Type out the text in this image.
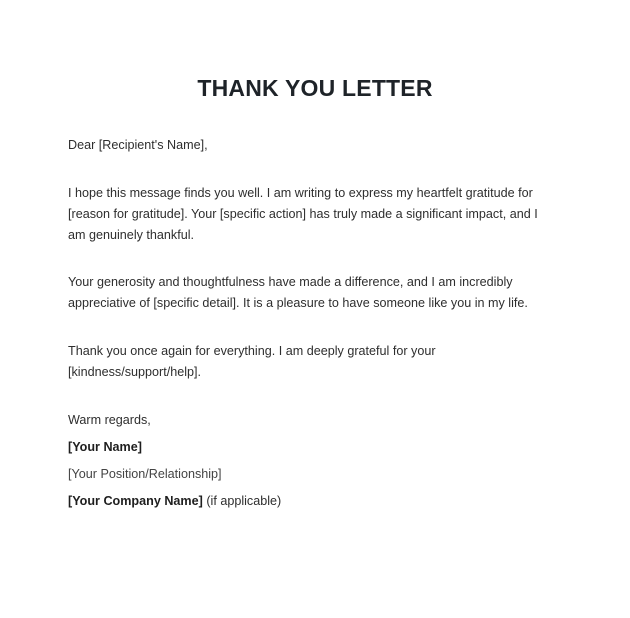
THANK YOU LETTER

Dear [Recipient's Name],

I hope this message finds you well. I am writing to express my heartfelt gratitude for
[reason for gratitude]. Your [specific action] has truly made a significant impact, and I
am genuinely thankful.
Your generosity and thoughtfulness have made a difference, and I am incredibly
appreciative of [specific detail]. It is a pleasure to have someone like you in my life.
Thank you once again for everything. I am deeply grateful for your
[kindness/support/help].

Warm regards,

[Your Name]

[Your Position/Relationship]

[Your Company Name] (if applicable)
